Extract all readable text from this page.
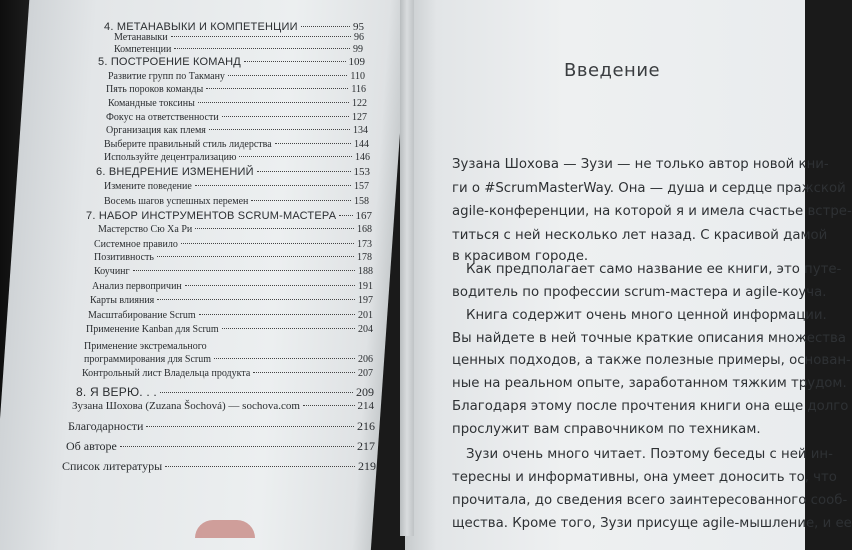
4. МЕТАНАВЫКИ И КОМПЕТЕНЦИИ	95
Метанавыки	96
Компетенции	99
5. ПОСТРОЕНИЕ КОМАНД	109
Развитие групп по Такману	110
Пять пороков команды	116
Командные токсины	122
Фокус на ответственности	127
Организация как племя	134
Выберите правильный стиль лидерства	144
Используйте децентрализацию	146
6. ВНЕДРЕНИЕ ИЗМЕНЕНИЙ	153
Измените поведение	157
Восемь шагов успешных перемен	158
7. НАБОР ИНСТРУМЕНТОВ SCRUM-МАСТЕРА 167
Мастерство Сю Ха Ри	168
Системное правило	173
Позитивность	178
Коучинг	188
Анализ первопричин	191
Карты влияния	197
Масштабирование Scrum	201
Применение Kanban для Scrum	204
Применение экстремального
программирования для Scrum	206
Контрольный лист Владельца продукта	207
8. Я ВЕРЮ. . .	209
Зузана Шохова (Zuzana Šochová) — sochova.com	214
Благодарности	216
Об авторе	217
Список литературы	219
Введение
Зузана Шохова — Зузи — не только автор новой кни-
ги о #ScrumMasterWay. Она — душа и сердце пражской
agile-конференции, на которой я и имела счастье встре-
титься с ней несколько лет назад. С красивой дамой
в красивом городе.
Как предполагает само название ее книги, это путе-
водитель по профессии scrum-мастера и agile-коуча.
Книга содержит очень много ценной информации.
Вы найдете в ней точные краткие описания множества
ценных подходов, а также полезные примеры, основан-
ные на реальном опыте, заработанном тяжким трудом.
Благодаря этому после прочтения книги она еще долго
прослужит вам справочником по техникам.
Зузи очень много читает. Поэтому беседы с ней ин-
тересны и информативны, она умеет доносить то, что
прочитала, до сведения всего заинтересованного сооб-
щества. Кроме того, Зузи присуще agile-мышление, и ее
